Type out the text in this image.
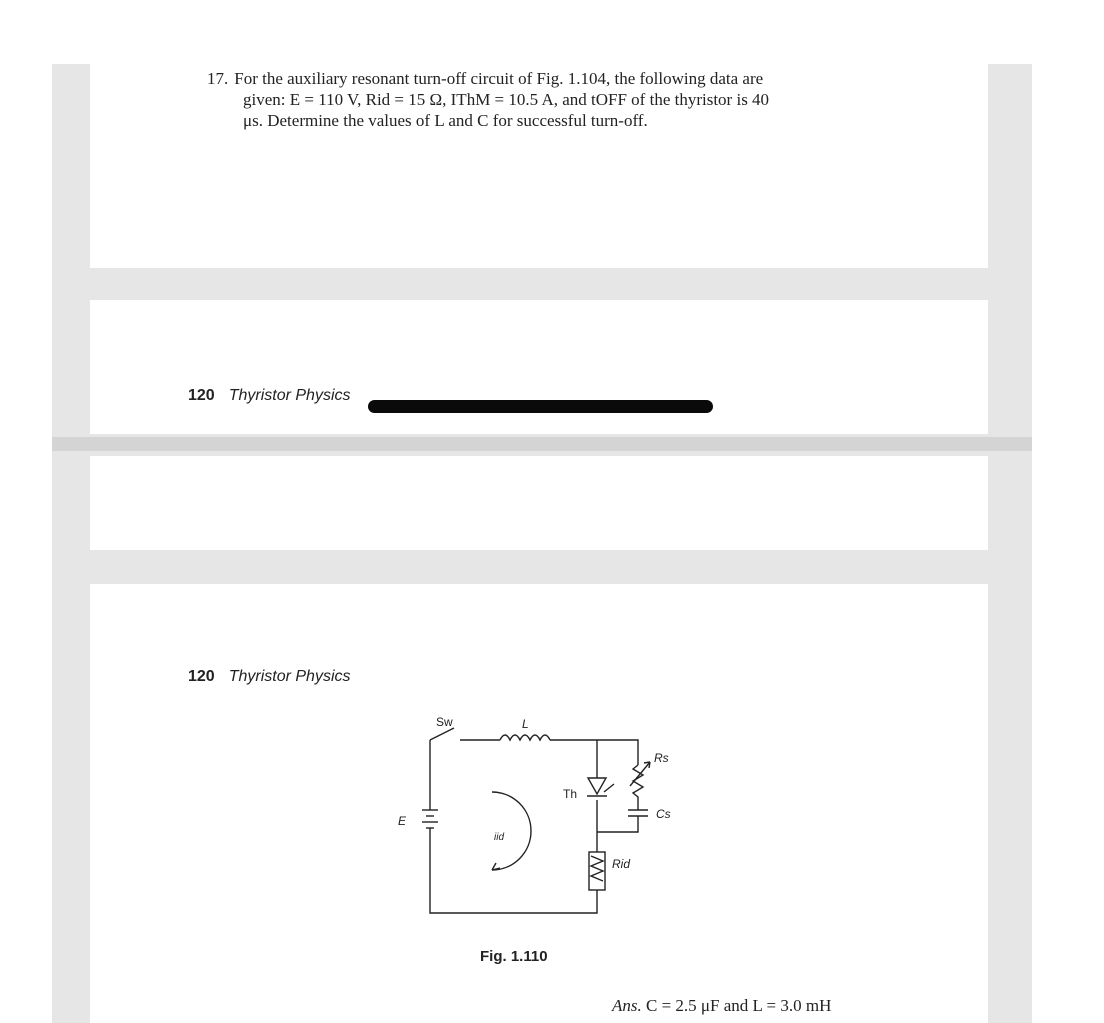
17. For the auxiliary resonant turn-off circuit of Fig. 1.104, the following data are
given: E = 110 V, Rid = 15 Ω, IThM = 10.5 A, and tOFF of the thyristor is 40
μs. Determine the values of L and C for successful turn-off.
120 Thyristor Physics
120 Thyristor Physics
Sw	L
E
iid
Th
Rs
Cs
Rid
Fig. 1.110
Ans. C = 2.5 μF and L = 3.0 mH
